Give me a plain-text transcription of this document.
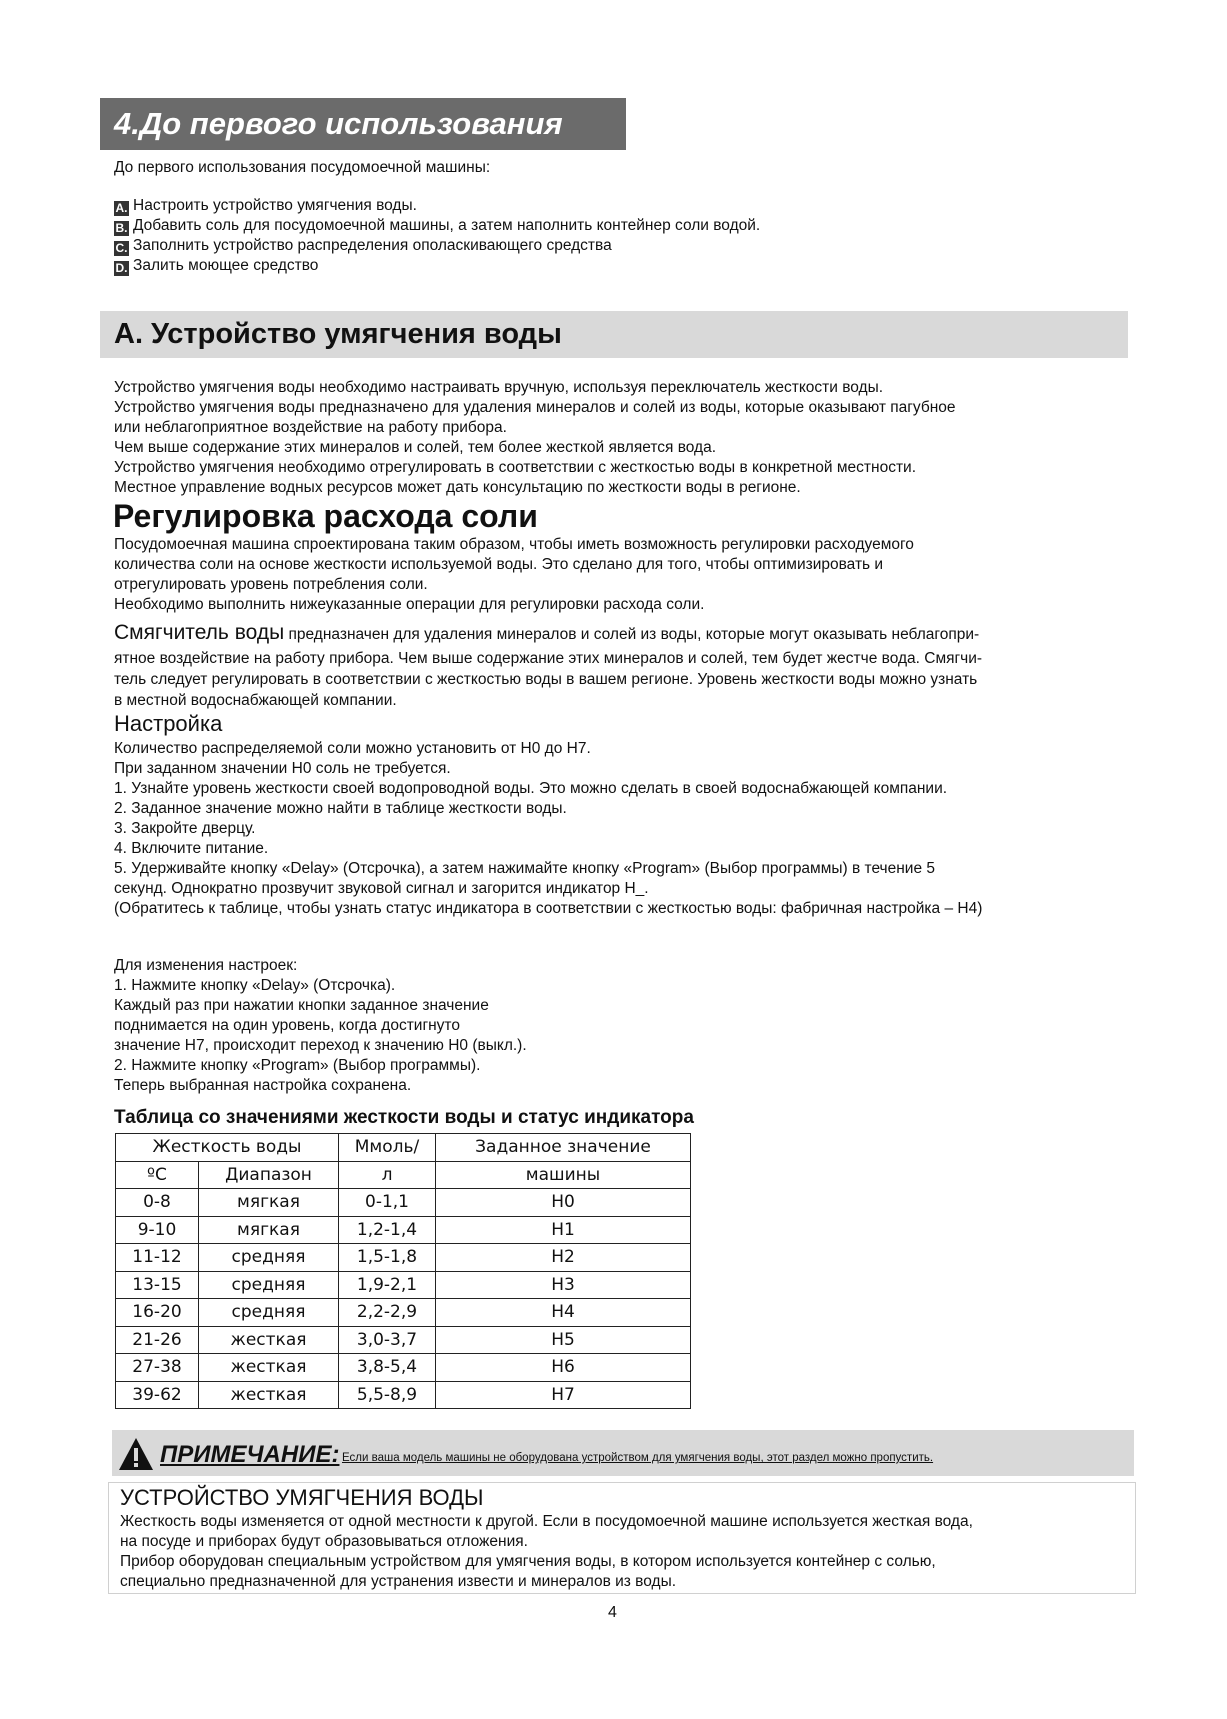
4.До первого использования
До первого использования посудомоечной машины:
A. Настроить устройство умягчения воды.
B. Добавить соль для посудомоечной машины, а затем наполнить контейнер соли водой.
C. Заполнить устройство распределения ополаскивающего средства
D. Залить моющее средство
A. Устройство умягчения воды
Устройство умягчения воды необходимо настраивать вручную, используя переключатель жесткости воды.
Устройство умягчения воды предназначено для удаления минералов и солей из воды, которые оказывают пагубное
или неблагоприятное воздействие на работу прибора.
Чем выше содержание этих минералов и солей, тем более жесткой является вода.
Устройство умягчения необходимо отрегулировать в соответствии с жесткостью воды в конкретной местности.
Местное управление водных ресурсов может дать консультацию по жесткости воды в регионе.
Регулировка расхода соли
Посудомоечная машина спроектирована таким образом, чтобы иметь возможность регулировки расходуемого
количества соли на основе жесткости используемой воды. Это сделано для того, чтобы оптимизировать и
отрегулировать уровень потребления соли.
Необходимо выполнить нижеуказанные операции для регулировки расхода соли.
Смягчитель воды предназначен для удаления минералов и солей из воды, которые могут оказывать неблагопри-
ятное воздействие на работу прибора. Чем выше содержание этих минералов и солей, тем будет жестче вода. Смягчи-
тель следует регулировать в соответствии с жесткостью воды в вашем регионе. Уровень жесткости воды можно узнать
в местной водоснабжающей компании.
Настройка
Количество распределяемой соли можно установить от H0 до H7.
При заданном значении H0 соль не требуется.
1. Узнайте уровень жесткости своей водопроводной воды. Это можно сделать в своей водоснабжающей компании.
2. Заданное значение можно найти в таблице жесткости воды.
3. Закройте дверцу.
4. Включите питание.
5. Удерживайте кнопку «Delay» (Отсрочка), а затем нажимайте кнопку «Program» (Выбор программы) в течение 5
секунд. Однократно прозвучит звуковой сигнал и загорится индикатор H_.
(Обратитесь к таблице, чтобы узнать статус индикатора в соответствии с жесткостью воды: фабричная настройка – H4)
Для изменения настроек:
1. Нажмите кнопку «Delay» (Отсрочка).
Каждый раз при нажатии кнопки заданное значение
поднимается на один уровень, когда достигнуто
значение H7, происходит переход к значению H0 (выкл.).
2. Нажмите кнопку «Program» (Выбор программы).
Теперь выбранная настройка сохранена.
Таблица со значениями жесткости воды и статус индикатора
Жесткость воды		Ммоль/	Заданное значение
ºС	Диапазон	л	машины
0-8	мягкая	0-1,1	H0
9-10	мягкая	1,2-1,4	H1
11-12	средняя	1,5-1,8	H2
13-15	средняя	1,9-2,1	H3
16-20	средняя	2,2-2,9	H4
21-26	жесткая	3,0-3,7	H5
27-38	жесткая	3,8-5,4	H6
39-62	жесткая	5,5-8,9	H7
ПРИМЕЧАНИЕ: Если ваша модель машины не оборудована устройством для умягчения воды, этот раздел можно пропустить.
УСТРОЙСТВО УМЯГЧЕНИЯ ВОДЫ
Жесткость воды изменяется от одной местности к другой. Если в посудомоечной машине используется жесткая вода,
на посуде и приборах будут образовываться отложения.
Прибор оборудован специальным устройством для умягчения воды, в котором используется контейнер с солью,
специально предназначенной для устранения извести и минералов из воды.
4
